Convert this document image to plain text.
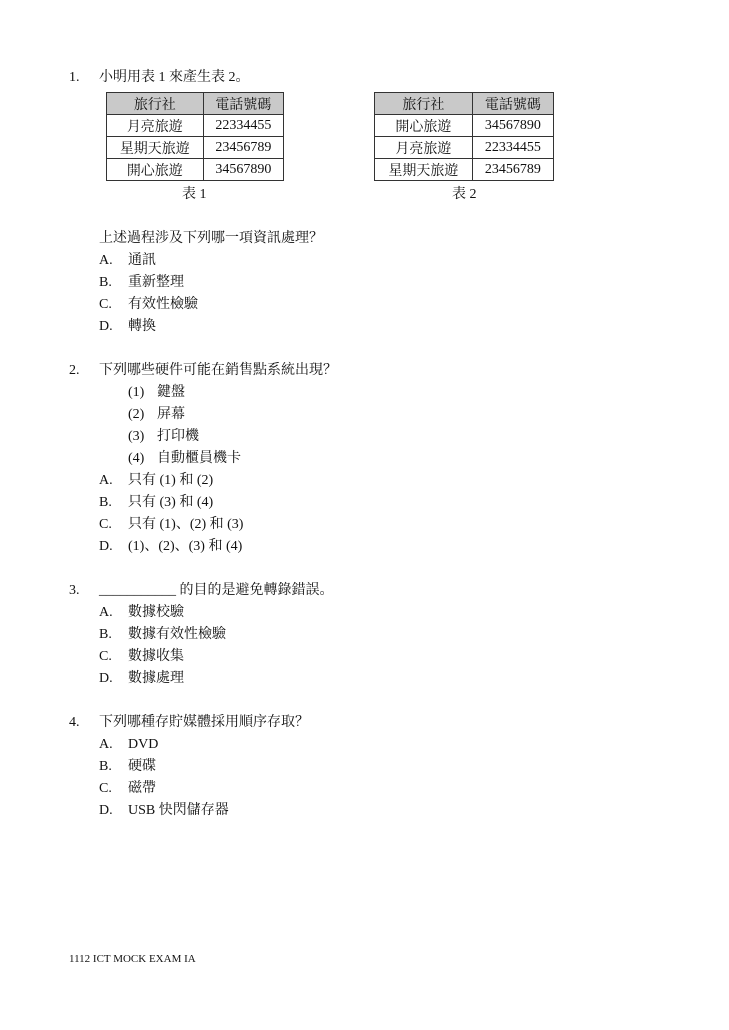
1. 小明用表 1 來產生表 2。
旅行社	電話號碼
月亮旅遊	22334455
星期天旅遊	23456789
開心旅遊	34567890
表 1
旅行社	電話號碼
開心旅遊	34567890
月亮旅遊	22334455
星期天旅遊	23456789
表 2
上述過程涉及下列哪一項資訊處理？
A. 通訊
B. 重新整理
C. 有效性檢驗
D. 轉換
2. 下列哪些硬件可能在銷售點系統出現？
(1) 鍵盤
(2) 屏幕
(3) 打印機
(4) 自動櫃員機卡
A. 只有 (1) 和 (2)
B. 只有 (3) 和 (4)
C. 只有 (1)、(2) 和 (3)
D. (1)、(2)、(3) 和 (4)
3. ___________ 的目的是避免轉錄錯誤。
A. 數據校驗
B. 數據有效性檢驗
C. 數據收集
D. 數據處理
4. 下列哪種存貯媒體採用順序存取？
A. DVD
B. 硬碟
C. 磁帶
D. USB 快閃儲存器
1112 ICT MOCK EXAM IA
